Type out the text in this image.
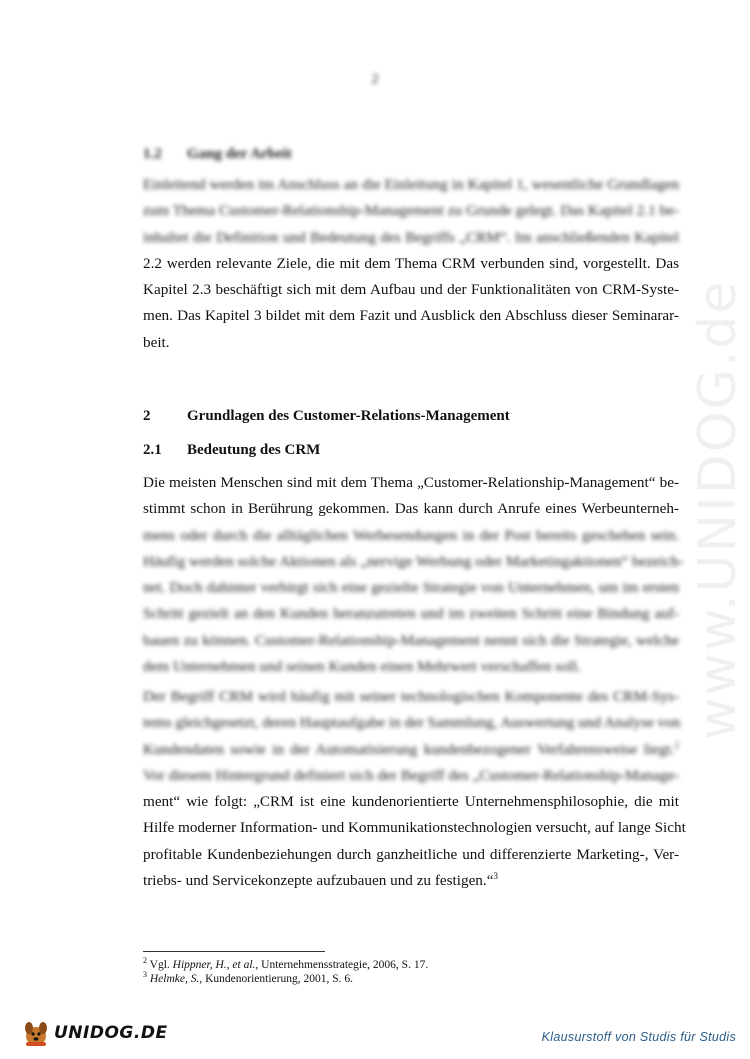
2
1.2	Gang der Arbeit
Einleitend werden im Anschluss an die Einleitung in Kapitel 1, wesentliche Grundlagen
zum Thema Customer-Relationship-Management zu Grunde gelegt. Das Kapitel 2.1 be-
inhaltet die Definition und Bedeutung des Begriffs „CRM“. Im anschließenden Kapitel
2.2 werden relevante Ziele, die mit dem Thema CRM verbunden sind, vorgestellt. Das
Kapitel 2.3 beschäftigt sich mit dem Aufbau und der Funktionalitäten von CRM-Syste-
men. Das Kapitel 3 bildet mit dem Fazit und Ausblick den Abschluss dieser Seminarar-
beit.
2	Grundlagen des Customer-Relations-Management
2.1	Bedeutung des CRM
Die meisten Menschen sind mit dem Thema „Customer-Relationship-Management“ be-
stimmt schon in Berührung gekommen. Das kann durch Anrufe eines Werbeunterneh-
mens oder durch die alltäglichen Werbesendungen in der Post bereits geschehen sein.
Häufig werden solche Aktionen als „nervige Werbung oder Marketingaktionen“ bezeich-
net. Doch dahinter verbirgt sich eine gezielte Strategie von Unternehmen, um im ersten
Schritt gezielt an den Kunden heranzutreten und im zweiten Schritt eine Bindung auf-
bauen zu können. Customer-Relationship-Management nennt sich die Strategie, welche
dem Unternehmen und seinen Kunden einen Mehrwert verschaffen soll.
Der Begriff CRM wird häufig mit seiner technologischen Komponente des CRM-Sys-
tems gleichgesetzt, deren Hauptaufgabe in der Sammlung, Auswertung und Analyse von
Kundendaten sowie in der Automatisierung kundenbezogener Verfahrensweise liegt.$^2$
Vor diesem Hintergrund definiert sich der Begriff des „Customer-Relationship-Manage-
ment“ wie folgt: „CRM ist eine kundenorientierte Unternehmensphilosophie, die mit
Hilfe moderner Information- und Kommunikationstechnologien versucht, auf lange Sicht
profitable Kundenbeziehungen durch ganzheitliche und differenzierte Marketing-, Ver-
triebs- und Servicekonzepte aufzubauen und zu festigen.“$^3$
$^2$ Vgl. Hippner, H., et al., Unternehmensstrategie, 2006, S. 17.
$^3$ Helmke, S., Kundenorientierung, 2001, S. 6.
www.UNIDOG.de
UNIDOG.DE	Klausurstoff von Studis für Studis
